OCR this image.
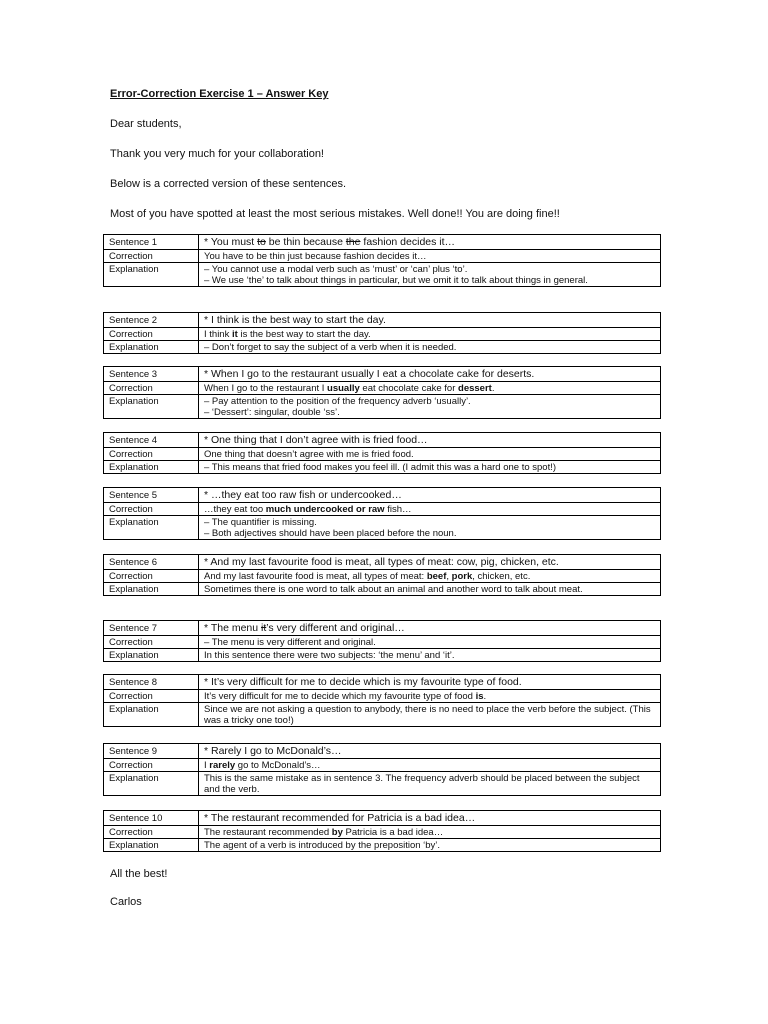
Error-Correction Exercise 1 – Answer Key
Dear students,
Thank you very much for your collaboration!
Below is a corrected version of these sentences.
Most of you have spotted at least the most serious mistakes. Well done!! You are doing fine!!
Sentence 1	* You must to be thin because the fashion decides it…
Correction	You have to be thin just because fashion decides it…
Explanation	– You cannot use a modal verb such as ‘must’ or ‘can’ plus ‘to’.
– We use ‘the’ to talk about things in particular, but we omit it to talk about things in general.
Sentence 2	* I think is the best way to start the day.
Correction	I think it is the best way to start the day.
Explanation	– Don’t forget to say the subject of a verb when it is needed.
Sentence 3	* When I go to the restaurant usually I eat a chocolate cake for deserts.
Correction	When I go to the restaurant I usually eat chocolate cake for dessert.
Explanation	– Pay attention to the position of the frequency adverb ‘usually’.
– ‘Dessert’: singular, double ‘ss’.
Sentence 4	* One thing that I don’t agree with is fried food…
Correction	One thing that doesn’t agree with me is fried food.
Explanation	– This means that fried food makes you feel ill. (I admit this was a hard one to spot!)
Sentence 5	* …they eat too raw fish or undercooked…
Correction	…they eat too much undercooked or raw fish…
Explanation	– The quantifier is missing.
– Both adjectives should have been placed before the noun.
Sentence 6	* And my last favourite food is meat, all types of meat: cow, pig, chicken, etc.
Correction	And my last favourite food is meat, all types of meat: beef, pork, chicken, etc.
Explanation	Sometimes there is one word to talk about an animal and another word to talk about meat.
Sentence 7	* The menu it’s very different and original…
Correction	– The menu is very different and original.
Explanation	In this sentence there were two subjects: ‘the menu’ and ‘it’.
Sentence 8	* It’s very difficult for me to decide which is my favourite type of food.
Correction	It’s very difficult for me to decide which my favourite type of food is.
Explanation	Since we are not asking a question to anybody, there is no need to place the verb before the subject. (This was a tricky one too!)
Sentence 9	* Rarely I go to McDonald’s…
Correction	I rarely go to McDonald’s…
Explanation	This is the same mistake as in sentence 3. The frequency adverb should be placed between the subject and the verb.
Sentence 10	* The restaurant recommended for Patricia is a bad idea…
Correction	The restaurant recommended by Patricia is a bad idea…
Explanation	The agent of a verb is introduced by the preposition ‘by’.
All the best!
Carlos
